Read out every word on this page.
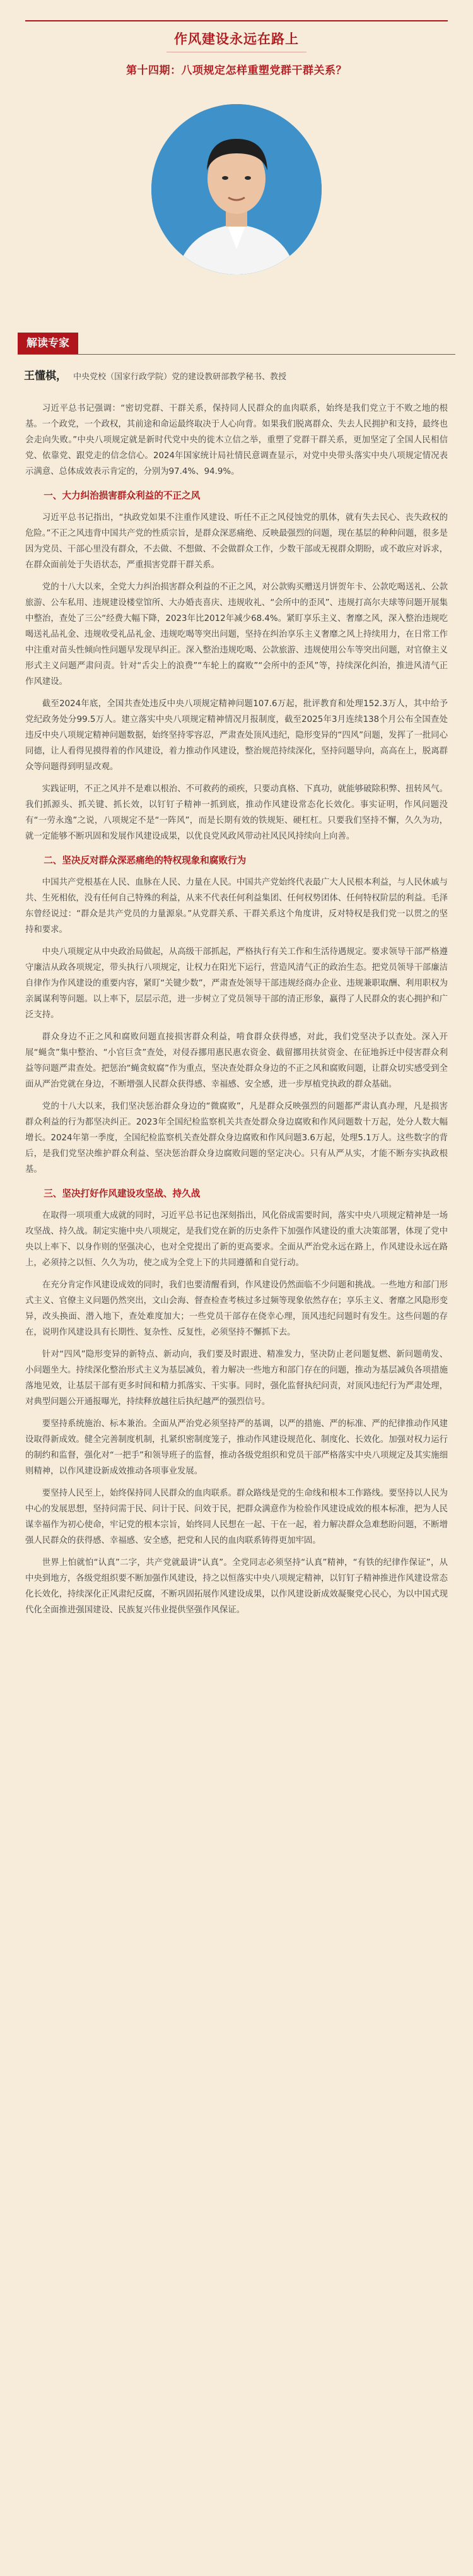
作风建设永远在路上
第十四期：八项规定怎样重塑党群干群关系？
解读专家
王懂棋， 中央党校（国家行政学院）党的建设教研部教学秘书、教授
习近平总书记强调：“密切党群、干群关系，保持同人民群众的血肉联系，始终是我们党立于不败之地的根基。一个政党，一个政权，其前途和命运最终取决于人心向背。如果我们脱离群众、失去人民拥护和支持，最终也会走向失败。”中央八项规定就是新时代党中央的徙木立信之举，重塑了党群干群关系，更加坚定了全国人民相信党、依靠党、跟党走的信念信心。2024年国家统计局社情民意调查显示，对党中央带头落实中央八项规定情况表示满意、总体成效表示肯定的，分别为97.4%、94.9%。
一、大力纠治损害群众利益的不正之风
习近平总书记指出，“执政党如果不注重作风建设、听任不正之风侵蚀党的肌体，就有失去民心、丧失政权的危险。”不正之风违背中国共产党的性质宗旨，是群众深恶痛绝、反映最强烈的问题，现在基层的种种问题，很多是因为党员、干部心里没有群众，不去做、不想做、不会做群众工作，少数干部或无视群众期盼，或不敢应对诉求，在群众面前处于失语状态，严重损害党群干群关系。
党的十八大以来，全党大力纠治损害群众利益的不正之风，对公款购买赠送月饼贺年卡、公款吃喝送礼、公款旅游、公车私用、违规建设楼堂馆所、大办婚丧喜庆、违规收礼、“会所中的歪风”、违规打高尔夫球等问题开展集中整治，查处了三公“经费大幅下降，2023年比2012年减少68.4%。紧盯享乐主义、奢靡之风，深入整治违规吃喝送礼品礼金、违规收受礼品礼金、违规吃喝等突出问题，坚持在纠治享乐主义奢靡之风上持续用力，在日常工作中注重对苗头性倾向性问题早发现早纠正。深入整治违规吃喝、公款旅游、违规使用公车等突出问题，对官僚主义形式主义问题严肃问责。针对“舌尖上的浪费”“车轮上的腐败”“会所中的歪风”等，持续深化纠治，推进风清气正作风建设。
截至2024年底，全国共查处违反中央八项规定精神问题107.6万起，批评教育和处理152.3万人，其中给予党纪政务处分99.5万人。建立落实中央八项规定精神情况月报制度，截至2025年3月连续138个月公布全国查处违反中央八项规定精神问题数据，始终坚持零容忍，严肃查处顶风违纪，隐形变异的“四风”问题，发挥了一批同心同德，让人看得见摸得着的作风建设，着力推动作风建设，整治规范持续深化，坚持问题导向，高高在上，脱离群众等问题得到明显改观。
实践证明，不正之风并不是难以根治、不可救药的顽疾，只要动真格、下真功，就能够破除积弊、扭转风气。我们抓源头、抓关键、抓长效，以钉钉子精神一抓到底，推动作风建设常态化长效化。事实证明，作风问题没有“一劳永逸”之说，八项规定不是“一阵风”，而是长期有效的铁规矩、硬杠杠。只要我们坚持不懈，久久为功，就一定能够不断巩固和发展作风建设成果，以优良党风政风带动社风民风持续向上向善。
二、坚决反对群众深恶痛绝的特权现象和腐败行为
中国共产党根基在人民、血脉在人民、力量在人民。中国共产党始终代表最广大人民根本利益，与人民休戚与共、生死相依，没有任何自己特殊的利益，从来不代表任何利益集团、任何权势团体、任何特权阶层的利益。毛泽东曾经说过：“群众是共产党员的力量源泉。”从党群关系、干群关系这个角度讲，反对特权是我们党一以贯之的坚持和要求。
中央八项规定从中央政治局做起，从高级干部抓起，严格执行有关工作和生活待遇规定。要求领导干部严格遵守廉洁从政各项规定，带头执行八项规定，让权力在阳光下运行，营造风清气正的政治生态。把党员领导干部廉洁自律作为作风建设的重要内容，紧盯“关键少数”，严肃查处领导干部违规经商办企业、违规兼职取酬、利用职权为亲属谋利等问题。以上率下，层层示范，进一步树立了党员领导干部的清正形象，赢得了人民群众的衷心拥护和广泛支持。
群众身边不正之风和腐败问题直接损害群众利益，啃食群众获得感，对此，我们党坚决予以查处。深入开展“蝇贪”集中整治、“小官巨贪”查处，对侵吞挪用惠民惠农资金、截留挪用扶贫资金、在征地拆迁中侵害群众利益等问题严肃查处。把惩治“蝇贪蚁腐”作为重点，坚决查处群众身边的不正之风和腐败问题，让群众切实感受到全面从严治党就在身边，不断增强人民群众获得感、幸福感、安全感，进一步厚植党执政的群众基础。
党的十八大以来，我们坚决惩治群众身边的“微腐败”，凡是群众反映强烈的问题都严肃认真办理，凡是损害群众利益的行为都坚决纠正。2023年全国纪检监察机关共查处群众身边腐败和作风问题数十万起，处分人数大幅增长。2024年第一季度，全国纪检监察机关查处群众身边腐败和作风问题3.6万起，处理5.1万人。这些数字的背后，是我们党坚决维护群众利益、坚决惩治群众身边腐败问题的坚定决心。只有从严从实，才能不断夯实执政根基。
三、坚决打好作风建设攻坚战、持久战
在取得一项项重大成就的同时，习近平总书记也深刻指出，风化俗成需要时间，落实中央八项规定精神是一场攻坚战、持久战。制定实施中央八项规定，是我们党在新的历史条件下加强作风建设的重大决策部署，体现了党中央以上率下、以身作则的坚强决心，也对全党提出了新的更高要求。全面从严治党永远在路上，作风建设永远在路上，必须持之以恒、久久为功，使之成为全党上下的共同遵循和自觉行动。
在充分肯定作风建设成效的同时，我们也要清醒看到，作风建设仍然面临不少问题和挑战。一些地方和部门形式主义、官僚主义问题仍然突出，文山会海、督查检查考核过多过频等现象依然存在；享乐主义、奢靡之风隐形变异，改头换面、潜入地下，查处难度加大；一些党员干部存在侥幸心理，顶风违纪问题时有发生。这些问题的存在，说明作风建设具有长期性、复杂性、反复性，必须坚持不懈抓下去。
针对“四风”隐形变异的新特点、新动向，我们要及时跟进、精准发力，坚决防止老问题复燃、新问题萌发、小问题坐大。持续深化整治形式主义为基层减负，着力解决一些地方和部门存在的问题，推动为基层减负各项措施落地见效，让基层干部有更多时间和精力抓落实、干实事。同时，强化监督执纪问责，对顶风违纪行为严肃处理，对典型问题公开通报曝光，持续释放越往后执纪越严的强烈信号。
要坚持系统施治、标本兼治。全面从严治党必须坚持严的基调，以严的措施、严的标准、严的纪律推动作风建设取得新成效。健全完善制度机制，扎紧织密制度笼子，推动作风建设规范化、制度化、长效化。加强对权力运行的制约和监督，强化对“一把手”和领导班子的监督，推动各级党组织和党员干部严格落实中央八项规定及其实施细则精神，以作风建设新成效推动各项事业发展。
要坚持人民至上，始终保持同人民群众的血肉联系。群众路线是党的生命线和根本工作路线。要坚持以人民为中心的发展思想，坚持问需于民、问计于民、问效于民，把群众满意作为检验作风建设成效的根本标准，把为人民谋幸福作为初心使命，牢记党的根本宗旨，始终同人民想在一起、干在一起，着力解决群众急难愁盼问题，不断增强人民群众的获得感、幸福感、安全感，把党和人民的血肉联系铸得更加牢固。
世界上怕就怕“认真”二字，共产党就最讲“认真”。全党同志必须坚持“认真”精神，“有铁的纪律作保证”，从中央到地方，各级党组织要不断加强作风建设，持之以恒落实中央八项规定精神，以钉钉子精神推进作风建设常态化长效化，持续深化正风肃纪反腐，不断巩固拓展作风建设成果，以作风建设新成效凝聚党心民心，为以中国式现代化全面推进强国建设、民族复兴伟业提供坚强作风保证。
